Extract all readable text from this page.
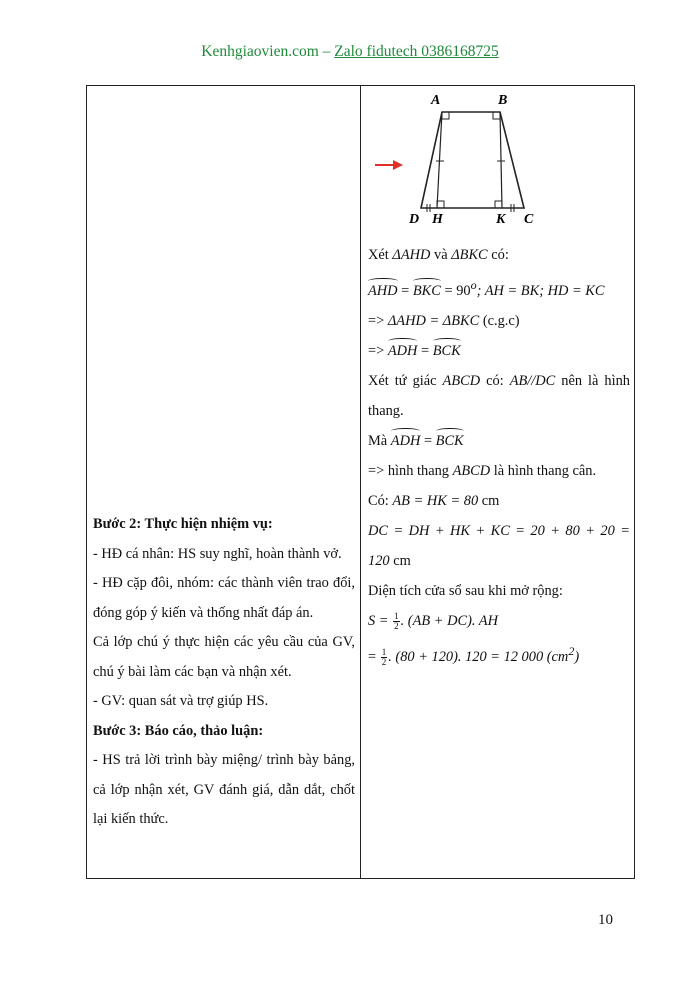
Kenhgiaovien.com – Zalo fidutech 0386168725
A	B
D H	K C

Bước 2: Thực hiện nhiệm vụ:

- HĐ cá nhân: HS suy nghĩ, hoàn thành vở.

- HĐ cặp đôi, nhóm: các thành viên trao đổi, đóng góp ý kiến và thống nhất đáp án.

Cả lớp chú ý thực hiện các yêu cầu của GV, chú ý bài làm các bạn và nhận xét.

- GV: quan sát và trợ giúp HS.

Bước 3: Báo cáo, thảo luận:

- HS trả lời trình bày miệng/ trình bày bảng, cả lớp nhận xét, GV đánh giá, dẫn dắt, chốt lại kiến thức.

Xét ΔAHD và ΔBKC có:

AHD = BKC = $90^o$; AH = BK; HD = KC

=> ΔAHD = ΔBKC (c.g.c)

=> ADH = BCK

Xét tứ giác ABCD có: AB//DC nên là hình thang.

Mà ADH = BCK

=> hình thang ABCD là hình thang cân.

Có: AB = HK = 80 cm

DC = DH + HK + KC = 20 + 80 + 20 = 120 cm

Diện tích cửa sổ sau khi mở rộng:

$S = \frac{1}{2}$ . (AB + DC). AH

= $\frac{1}{2}$ . (80 + 120). 120 = 12 000 $(cm^2)$

10
